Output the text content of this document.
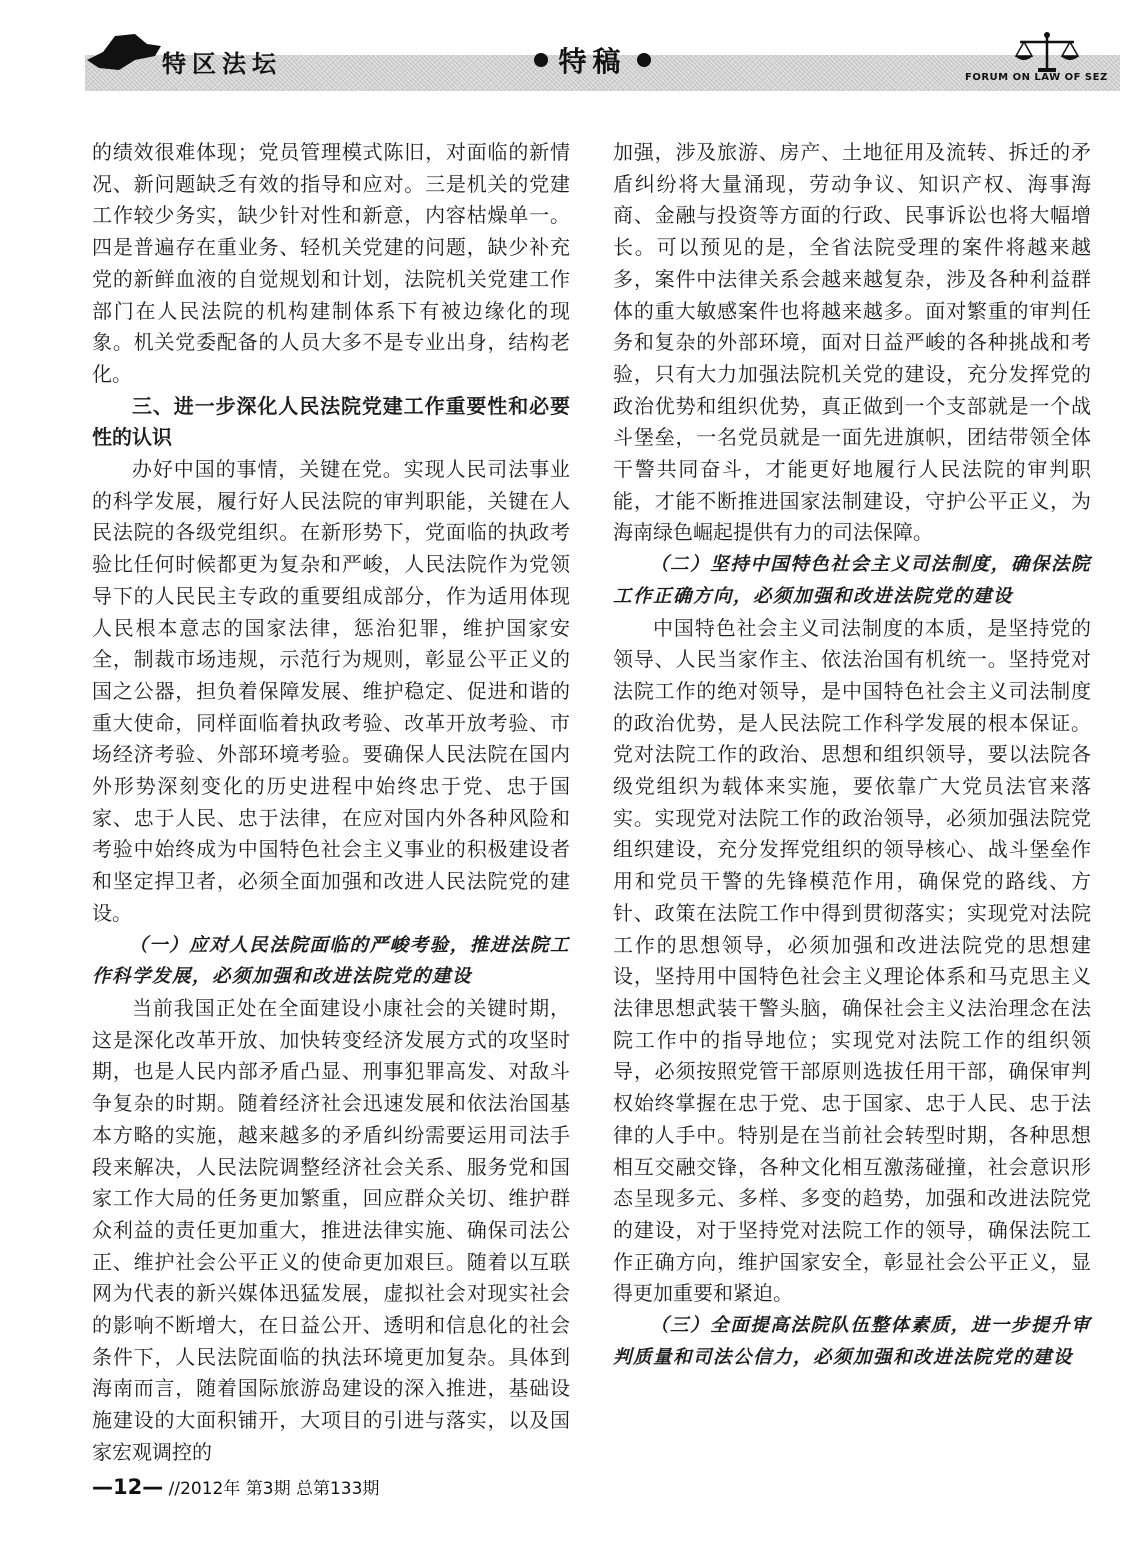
特区法坛	特稿	FORUM ON LAW OF SEZ

的绩效很难体现；党员管理模式陈旧，对面临的新情况、新问题缺乏有效的指导和应对。三是机关的党建工作较少务实，缺少针对性和新意，内容枯燥单一。四是普遍存在重业务、轻机关党建的问题，缺少补充党的新鲜血液的自觉规划和计划，法院机关党建工作部门在人民法院的机构建制体系下有被边缘化的现象。机关党委配备的人员大多不是专业出身，结构老化。

三、进一步深化人民法院党建工作重要性和必要性的认识

办好中国的事情，关键在党。实现人民司法事业的科学发展，履行好人民法院的审判职能，关键在人民法院的各级党组织。在新形势下，党面临的执政考验比任何时候都更为复杂和严峻，人民法院作为党领导下的人民民主专政的重要组成部分，作为适用体现人民根本意志的国家法律，惩治犯罪，维护国家安全，制裁市场违规，示范行为规则，彰显公平正义的国之公器，担负着保障发展、维护稳定、促进和谐的重大使命，同样面临着执政考验、改革开放考验、市场经济考验、外部环境考验。要确保人民法院在国内外形势深刻变化的历史进程中始终忠于党、忠于国家、忠于人民、忠于法律，在应对国内外各种风险和考验中始终成为中国特色社会主义事业的积极建设者和坚定捍卫者，必须全面加强和改进人民法院党的建设。

（一）应对人民法院面临的严峻考验，推进法院工作科学发展，必须加强和改进法院党的建设

当前我国正处在全面建设小康社会的关键时期，这是深化改革开放、加快转变经济发展方式的攻坚时期，也是人民内部矛盾凸显、刑事犯罪高发、对敌斗争复杂的时期。随着经济社会迅速发展和依法治国基本方略的实施，越来越多的矛盾纠纷需要运用司法手段来解决，人民法院调整经济社会关系、服务党和国家工作大局的任务更加繁重，回应群众关切、维护群众利益的责任更加重大，推进法律实施、确保司法公正、维护社会公平正义的使命更加艰巨。随着以互联网为代表的新兴媒体迅猛发展，虚拟社会对现实社会的影响不断增大，在日益公开、透明和信息化的社会条件下，人民法院面临的执法环境更加复杂。具体到海南而言，随着国际旅游岛建设的深入推进，基础设施建设的大面积铺开，大项目的引进与落实，以及国家宏观调控的

加强，涉及旅游、房产、土地征用及流转、拆迁的矛盾纠纷将大量涌现，劳动争议、知识产权、海事海商、金融与投资等方面的行政、民事诉讼也将大幅增长。可以预见的是，全省法院受理的案件将越来越多，案件中法律关系会越来越复杂，涉及各种利益群体的重大敏感案件也将越来越多。面对繁重的审判任务和复杂的外部环境，面对日益严峻的各种挑战和考验，只有大力加强法院机关党的建设，充分发挥党的政治优势和组织优势，真正做到一个支部就是一个战斗堡垒，一名党员就是一面先进旗帜，团结带领全体干警共同奋斗，才能更好地履行人民法院的审判职能，才能不断推进国家法制建设，守护公平正义，为海南绿色崛起提供有力的司法保障。

（二）坚持中国特色社会主义司法制度，确保法院工作正确方向，必须加强和改进法院党的建设

中国特色社会主义司法制度的本质，是坚持党的领导、人民当家作主、依法治国有机统一。坚持党对法院工作的绝对领导，是中国特色社会主义司法制度的政治优势，是人民法院工作科学发展的根本保证。党对法院工作的政治、思想和组织领导，要以法院各级党组织为载体来实施，要依靠广大党员法官来落实。实现党对法院工作的政治领导，必须加强法院党组织建设，充分发挥党组织的领导核心、战斗堡垒作用和党员干警的先锋模范作用，确保党的路线、方针、政策在法院工作中得到贯彻落实；实现党对法院工作的思想领导，必须加强和改进法院党的思想建设，坚持用中国特色社会主义理论体系和马克思主义法律思想武装干警头脑，确保社会主义法治理念在法院工作中的指导地位；实现党对法院工作的组织领导，必须按照党管干部原则选拔任用干部，确保审判权始终掌握在忠于党、忠于国家、忠于人民、忠于法律的人手中。特别是在当前社会转型时期，各种思想相互交融交锋，各种文化相互激荡碰撞，社会意识形态呈现多元、多样、多变的趋势，加强和改进法院党的建设，对于坚持党对法院工作的领导，确保法院工作正确方向，维护国家安全，彰显社会公平正义，显得更加重要和紧迫。

（三）全面提高法院队伍整体素质，进一步提升审判质量和司法公信力，必须加强和改进法院党的建设

—12— //2012年 第3期 总第133期
